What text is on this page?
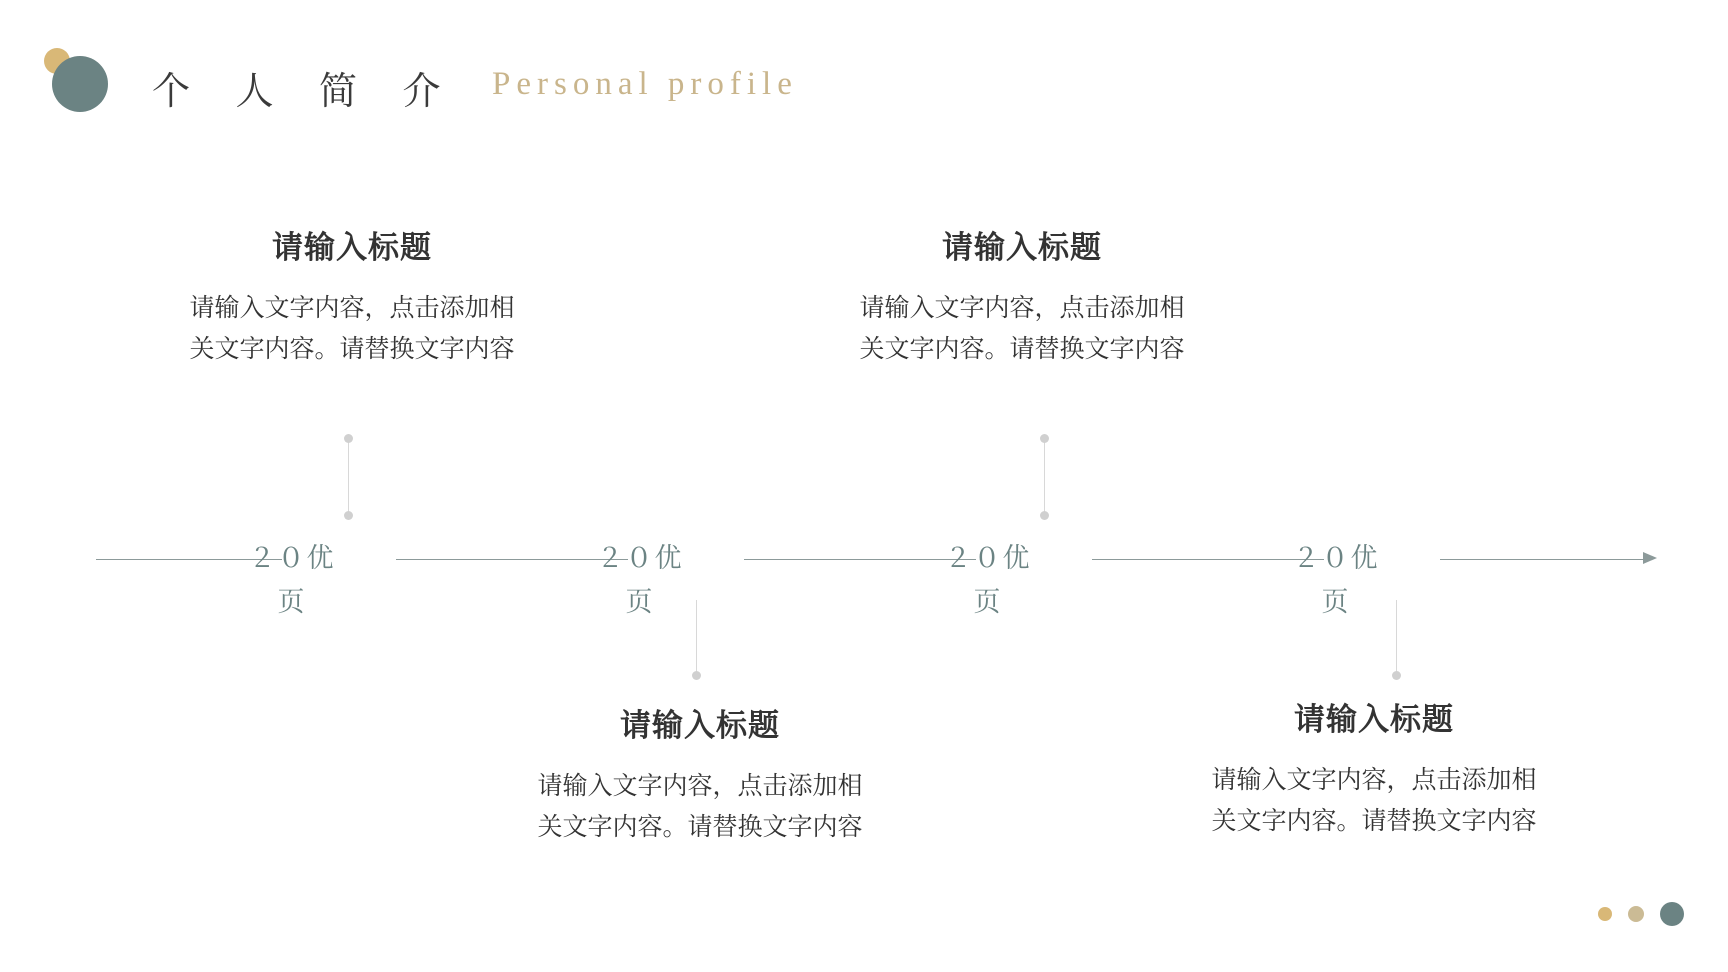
个 人 简 介 Personal profile
２０优
页
２０优
页
２０优
页
２０优
页
请输入标题
请输入文字内容，点击添加相
关文字内容。请替换文字内容
请输入标题
请输入文字内容，点击添加相
关文字内容。请替换文字内容
请输入标题
请输入文字内容，点击添加相
关文字内容。请替换文字内容
请输入标题
请输入文字内容，点击添加相
关文字内容。请替换文字内容
